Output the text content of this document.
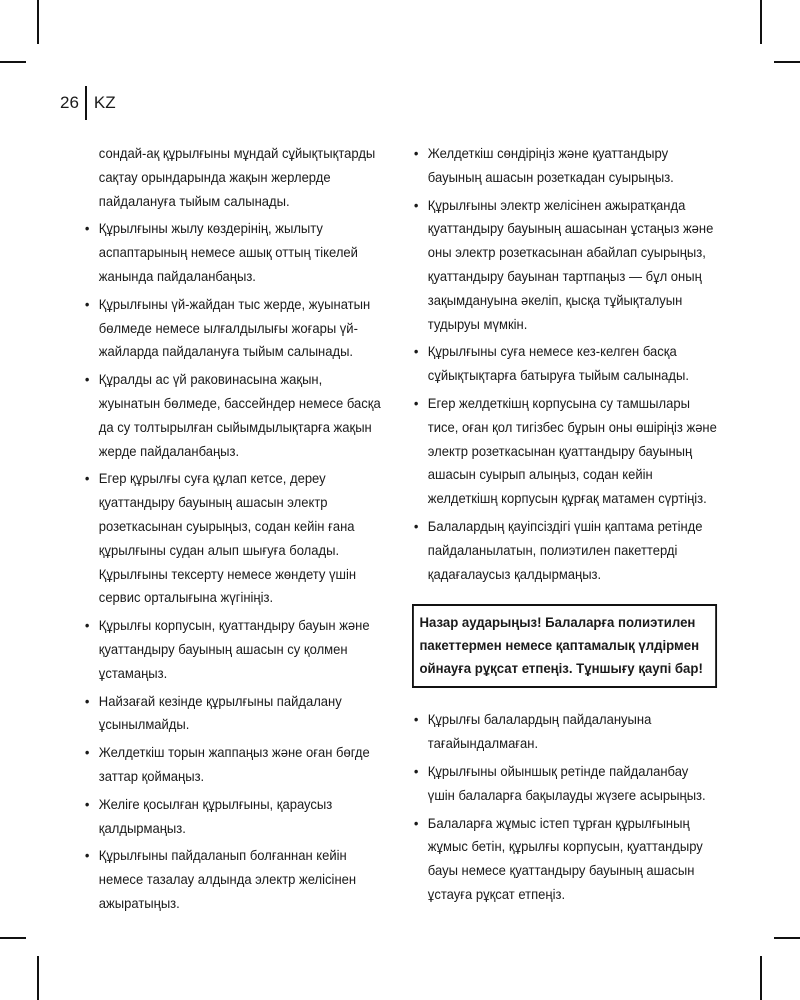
26 KZ

сондай-ақ құрылғыны мұндай сұйықтықтарды сақтау орындарында жақын жерлерде пайдалануға тыйым салынады.

• Құрылғыны жылу көздерінің, жылыту аспаптарының немесе ашық оттың тікелей жанында пайдаланбаңыз.
• Құрылғыны үй-жайдан тыс жерде, жуынатын бөлмеде немесе ылғалдылығы жоғары үй-жайларда пайдалануға тыйым салынады.
• Құралды ас үй раковинасына жақын, жуынатын бөлмеде, бассейндер немесе басқа да су толтырылған сыйымдылықтарға жақын жерде пайдаланбаңыз.
• Егер құрылғы суға құлап кетсе, дереу қуаттандыру бауының ашасын электр розеткасынан суырыңыз, содан кейін ғана құрылғыны судан алып шығуға болады. Құрылғыны тексерту немесе жөндету үшін сервис орталығына жүгініңіз.
• Құрылғы корпусын, қуаттандыру бауын және қуаттандыру бауының ашасын су қолмен ұстамаңыз.
• Найзағай кезінде құрылғыны пайдалану ұсынылмайды.
• Желдеткіш торын жаппаңыз және оған бөгде заттар қоймаңыз.
• Желіге қосылған құрылғыны, қараусыз қалдырмаңыз.
• Құрылғыны пайдаланып болғаннан кейін немесе тазалау алдында электр желісінен ажыратыңыз.
• Желдеткіш сөндіріңіз және қуаттандыру бауының ашасын розеткадан суырыңыз.
• Құрылғыны электр желісінен ажыратқанда қуаттандыру бауының ашасынан ұстаңыз және оны электр розеткасынан абайлап суырыңыз, қуаттандыру бауынан тартпаңыз — бұл оның зақымдануына әкеліп, қысқа тұйықталуын тудыруы мүмкін.
• Құрылғыны суға немесе кез-келген басқа сұйықтықтарға батыруға тыйым салынады.
• Егер желдеткішң корпусына су тамшылары тисе, оған қол тигізбес бұрын оны өшіріңіз және электр розеткасынан қуаттандыру бауының ашасын суырып алыңыз, содан кейін желдеткішң корпусын құрғақ матамен сүртіңіз.
• Балалардың қауіпсіздігі үшін қаптама ретінде пайдаланылатын, полиэтилен пакеттерді қадағалаусыз қалдырмаңыз.
Назар аударыңыз! Балаларға полиэтилен пакеттермен немесе қаптамалық үлдірмен ойнауға рұқсат етпеңіз. Тұншығу қаупі бар!
• Құрылғы балалардың пайдалануына тағайындалмаған.
• Құрылғыны ойыншық ретінде пайдаланбау үшін балаларға бақылауды жүзеге асырыңыз.
• Балаларға жұмыс істеп тұрған құрылғының жұмыс бетін, құрылғы корпусын, қуаттандыру бауы немесе қуаттандыру бауының ашасын ұстауға рұқсат етпеңіз.
